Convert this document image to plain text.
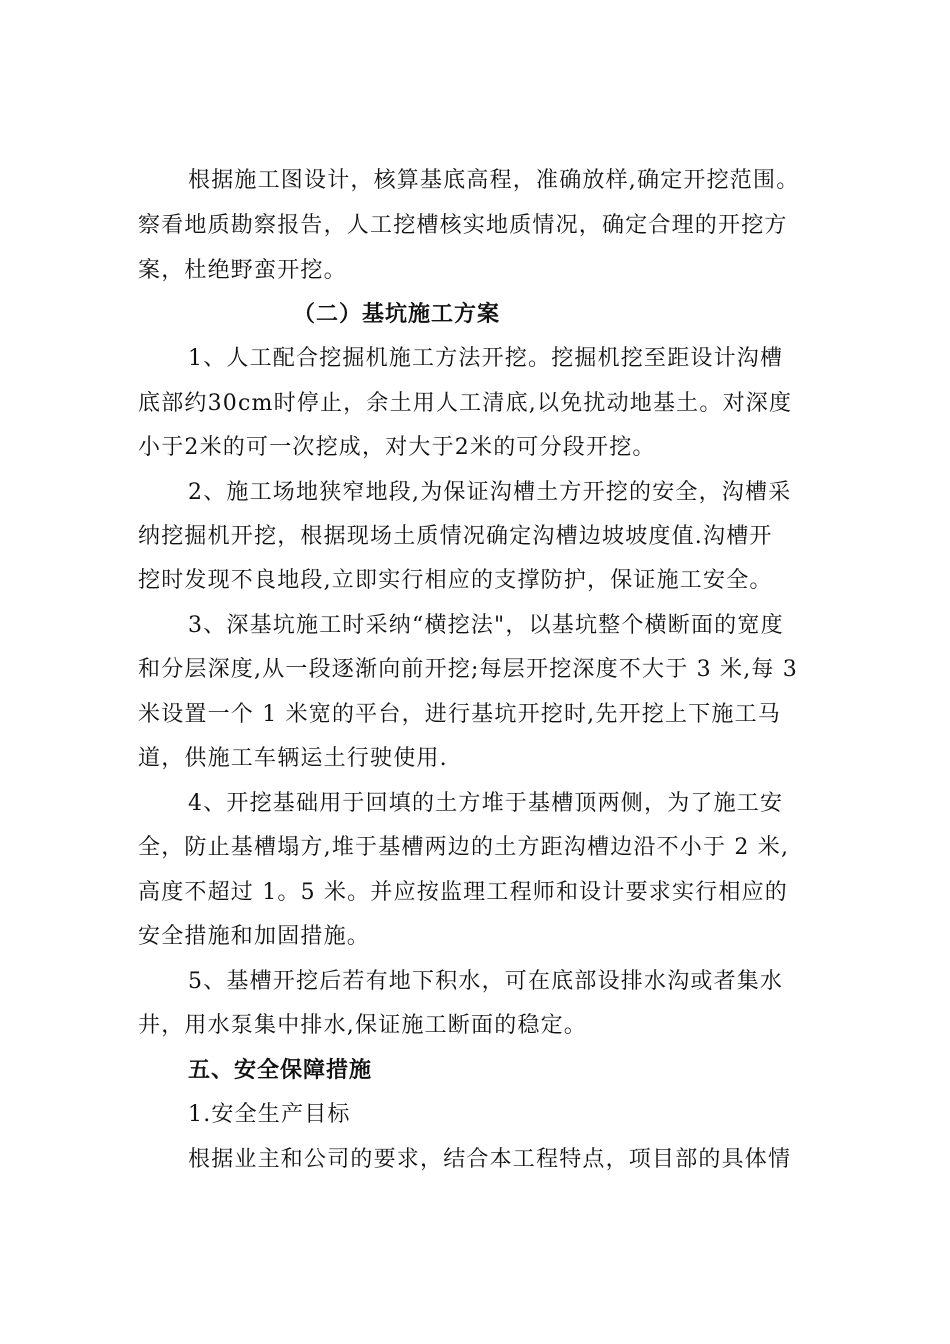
根据施工图设计，核算基底高程，准确放样,确定开挖范围。
察看地质勘察报告，人工挖槽核实地质情况，确定合理的开挖方
案，杜绝野蛮开挖。
（二）基坑施工方案
1、人工配合挖掘机施工方法开挖。挖掘机挖至距设计沟槽
底部约30cm时停止，余土用人工清底,以免扰动地基土。对深度
小于2米的可一次挖成，对大于2米的可分段开挖。
2、施工场地狭窄地段,为保证沟槽土方开挖的安全，沟槽采
纳挖掘机开挖，根据现场土质情况确定沟槽边坡坡度值.沟槽开
挖时发现不良地段,立即实行相应的支撑防护，保证施工安全。
3、深基坑施工时采纳“横挖法"，以基坑整个横断面的宽度
和分层深度,从一段逐渐向前开挖;每层开挖深度不大于 3 米,每 3
米设置一个 1 米宽的平台，进行基坑开挖时,先开挖上下施工马
道，供施工车辆运土行驶使用.
4、开挖基础用于回填的土方堆于基槽顶两侧，为了施工安
全，防止基槽塌方,堆于基槽两边的土方距沟槽边沿不小于 2 米,
高度不超过 1。5 米。并应按监理工程师和设计要求实行相应的
安全措施和加固措施。
5、基槽开挖后若有地下积水，可在底部设排水沟或者集水
井，用水泵集中排水,保证施工断面的稳定。
五、安全保障措施
1.安全生产目标
根据业主和公司的要求，结合本工程特点，项目部的具体情
